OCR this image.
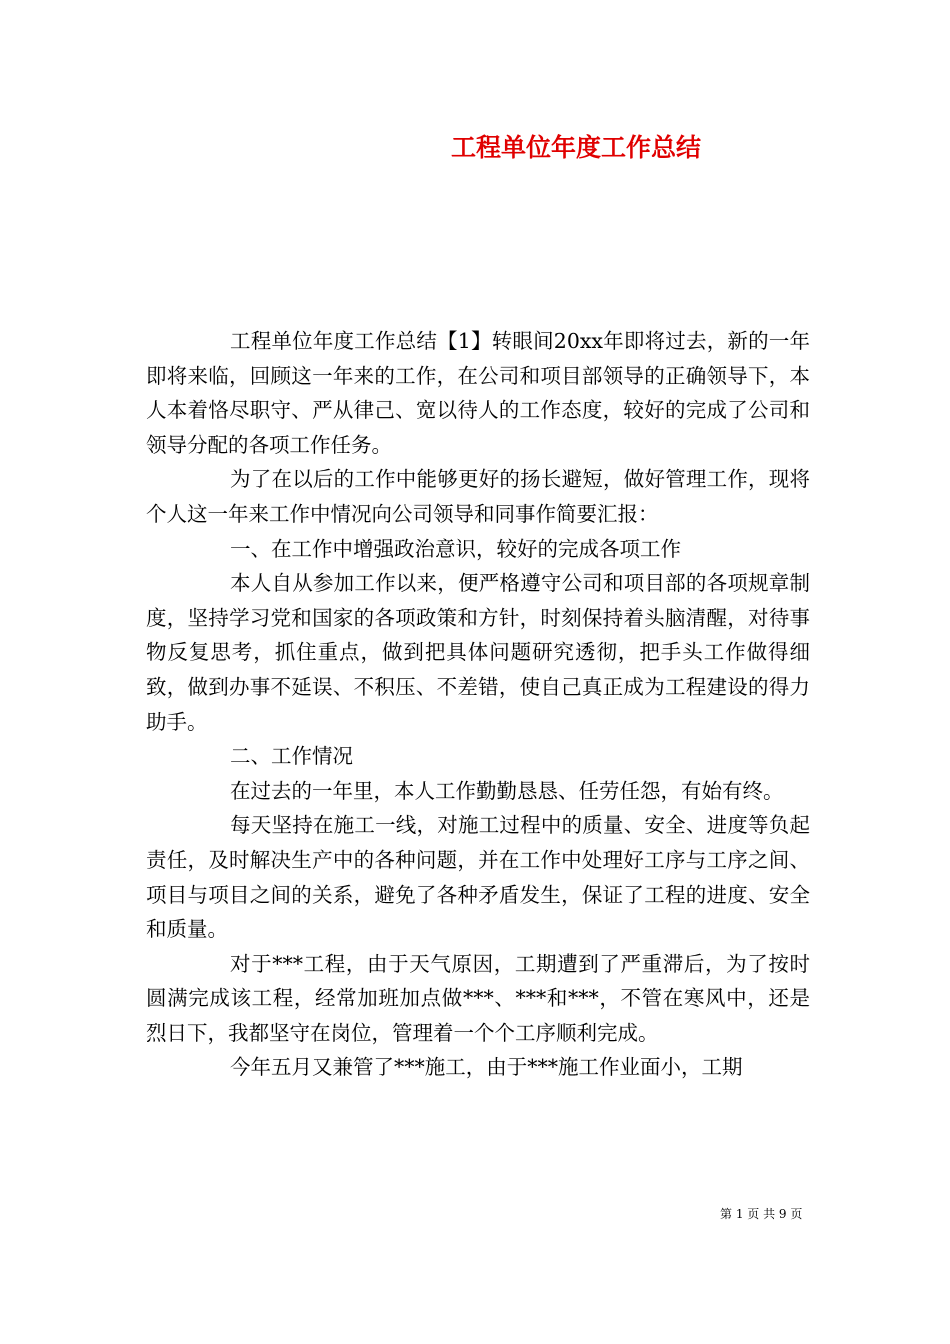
工程单位年度工作总结

工程单位年度工作总结【1】转眼间20xx年即将过去，新的一年即将来临，回顾这一年来的工作，在公司和项目部领导的正确领导下，本人本着恪尽职守、严从律己、宽以待人的工作态度，较好的完成了公司和领导分配的各项工作任务。

为了在以后的工作中能够更好的扬长避短，做好管理工作，现将个人这一年来工作中情况向公司领导和同事作简要汇报：

一、在工作中增强政治意识，较好的完成各项工作

本人自从参加工作以来，便严格遵守公司和项目部的各项规章制度，坚持学习党和国家的各项政策和方针，时刻保持着头脑清醒，对待事物反复思考，抓住重点，做到把具体问题研究透彻，把手头工作做得细致，做到办事不延误、不积压、不差错，使自己真正成为工程建设的得力助手。

二、工作情况

在过去的一年里，本人工作勤勤恳恳、任劳任怨，有始有终。

每天坚持在施工一线，对施工过程中的质量、安全、进度等负起责任，及时解决生产中的各种问题，并在工作中处理好工序与工序之间、项目与项目之间的关系，避免了各种矛盾发生，保证了工程的进度、安全和质量。

对于***工程，由于天气原因，工期遭到了严重滞后，为了按时圆满完成该工程，经常加班加点做***、***和***，不管在寒风中，还是烈日下，我都坚守在岗位，管理着一个个工序顺利完成。

今年五月又兼管了***施工，由于***施工作业面小，工期

第 1 页 共 9 页
